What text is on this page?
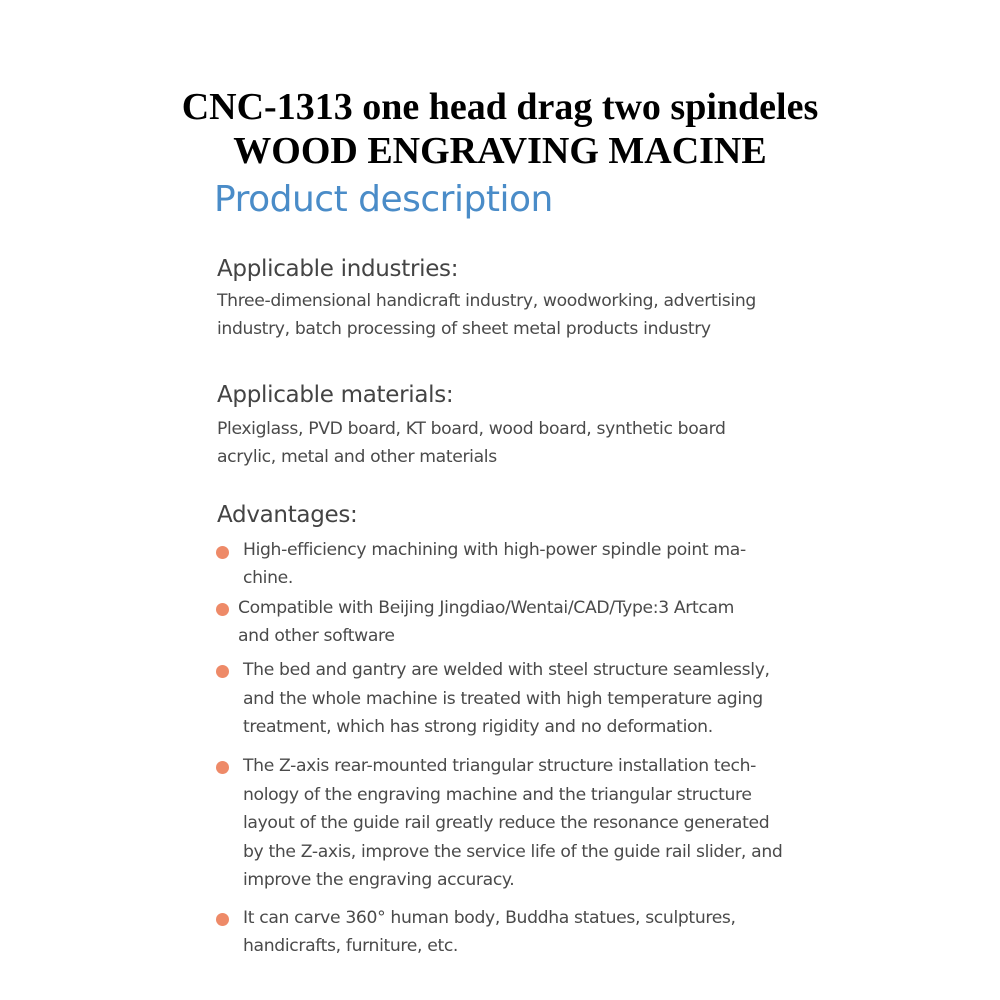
CNC-1313 one head drag two spindeles
WOOD ENGRAVING MACINE
Product description
Applicable industries:
Three-dimensional handicraft industry, woodworking, advertising
industry, batch processing of sheet metal products industry
Applicable materials:
Plexiglass, PVD board, KT board, wood board, synthetic board
acrylic, metal and other materials
Advantages:
High-efficiency machining with high-power spindle point ma-
chine.
Compatible with Beijing Jingdiao/Wentai/CAD/Type:3 Artcam
and other software
The bed and gantry are welded with steel structure seamlessly,
and the whole machine is treated with high temperature aging
treatment, which has strong rigidity and no deformation.
The Z-axis rear-mounted triangular structure installation tech-
nology of the engraving machine and the triangular structure
layout of the guide rail greatly reduce the resonance generated
by the Z-axis, improve the service life of the guide rail slider, and
improve the engraving accuracy.
It can carve 360° human body, Buddha statues, sculptures,
handicrafts, furniture, etc.
